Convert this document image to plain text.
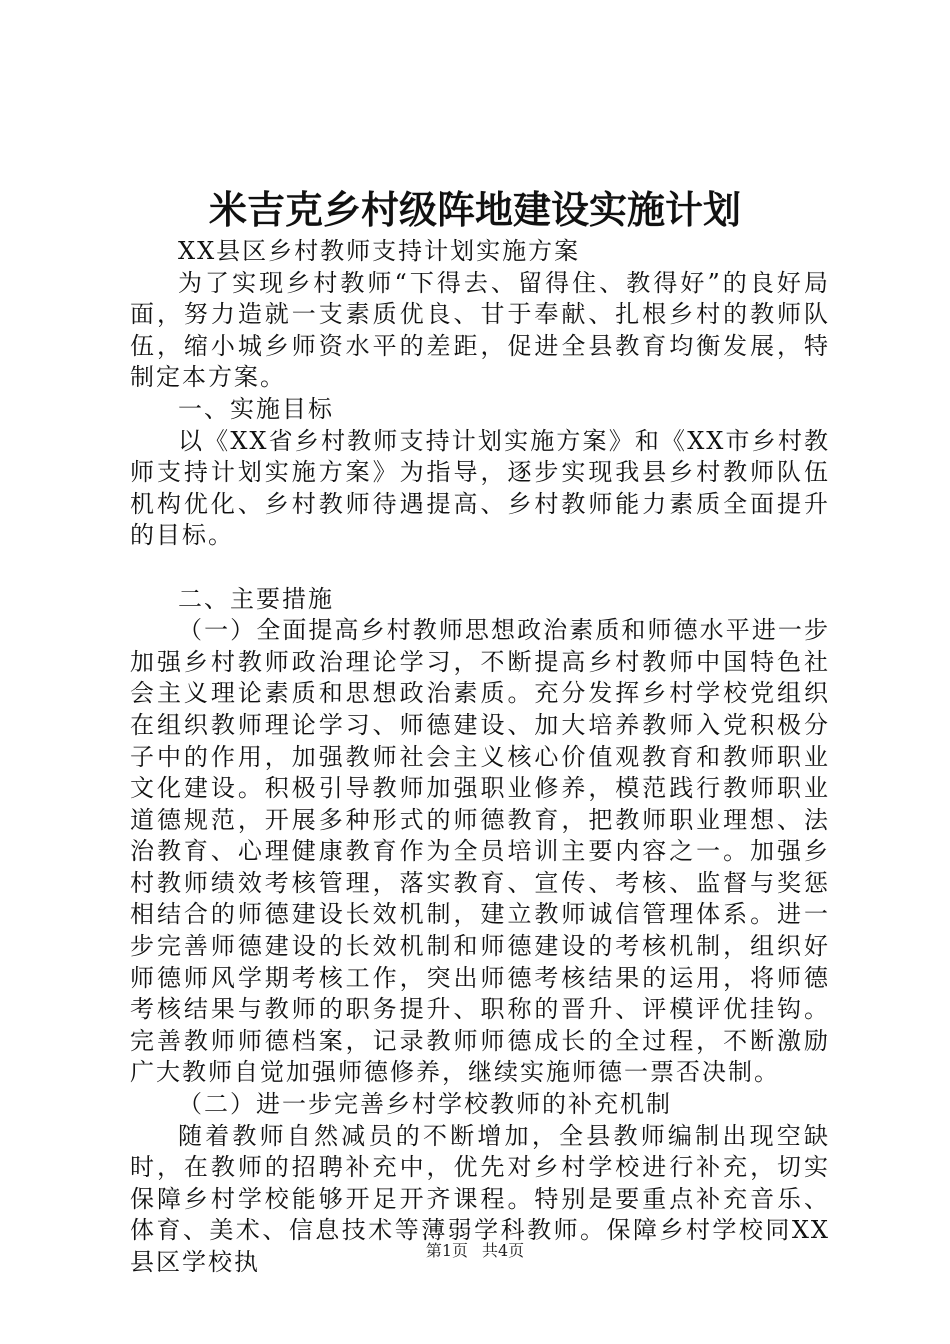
米吉克乡村级阵地建设实施计划

XX县区乡村教师支持计划实施方案

为了实现乡村教师“下得去、留得住、教得好”的良好局面，努力造就一支素质优良、甘于奉献、扎根乡村的教师队伍，缩小城乡师资水平的差距，促进全县教育均衡发展，特制定本方案。

一、实施目标

以《XX省乡村教师支持计划实施方案》和《XX市乡村教师支持计划实施方案》为指导，逐步实现我县乡村教师队伍机构优化、乡村教师待遇提高、乡村教师能力素质全面提升的目标。

二、主要措施

（一）全面提高乡村教师思想政治素质和师德水平进一步加强乡村教师政治理论学习，不断提高乡村教师中国特色社会主义理论素质和思想政治素质。充分发挥乡村学校党组织在组织教师理论学习、师德建设、加大培养教师入党积极分子中的作用，加强教师社会主义核心价值观教育和教师职业文化建设。积极引导教师加强职业修养，模范践行教师职业道德规范，开展多种形式的师德教育，把教师职业理想、法治教育、心理健康教育作为全员培训主要内容之一。加强乡村教师绩效考核管理，落实教育、宣传、考核、监督与奖惩相结合的师德建设长效机制，建立教师诚信管理体系。进一步完善师德建设的长效机制和师德建设的考核机制，组织好师德师风学期考核工作，突出师德考核结果的运用，将师德考核结果与教师的职务提升、职称的晋升、评模评优挂钩。完善教师师德档案，记录教师师德成长的全过程，不断激励广大教师自觉加强师德修养，继续实施师德一票否决制。

（二）进一步完善乡村学校教师的补充机制

随着教师自然减员的不断增加，全县教师编制出现空缺时，在教师的招聘补充中，优先对乡村学校进行补充，切实保障乡村学校能够开足开齐课程。特别是要重点补充音乐、体育、美术、信息技术等薄弱学科教师。保障乡村学校同XX县区学校执	第1页 共4页
